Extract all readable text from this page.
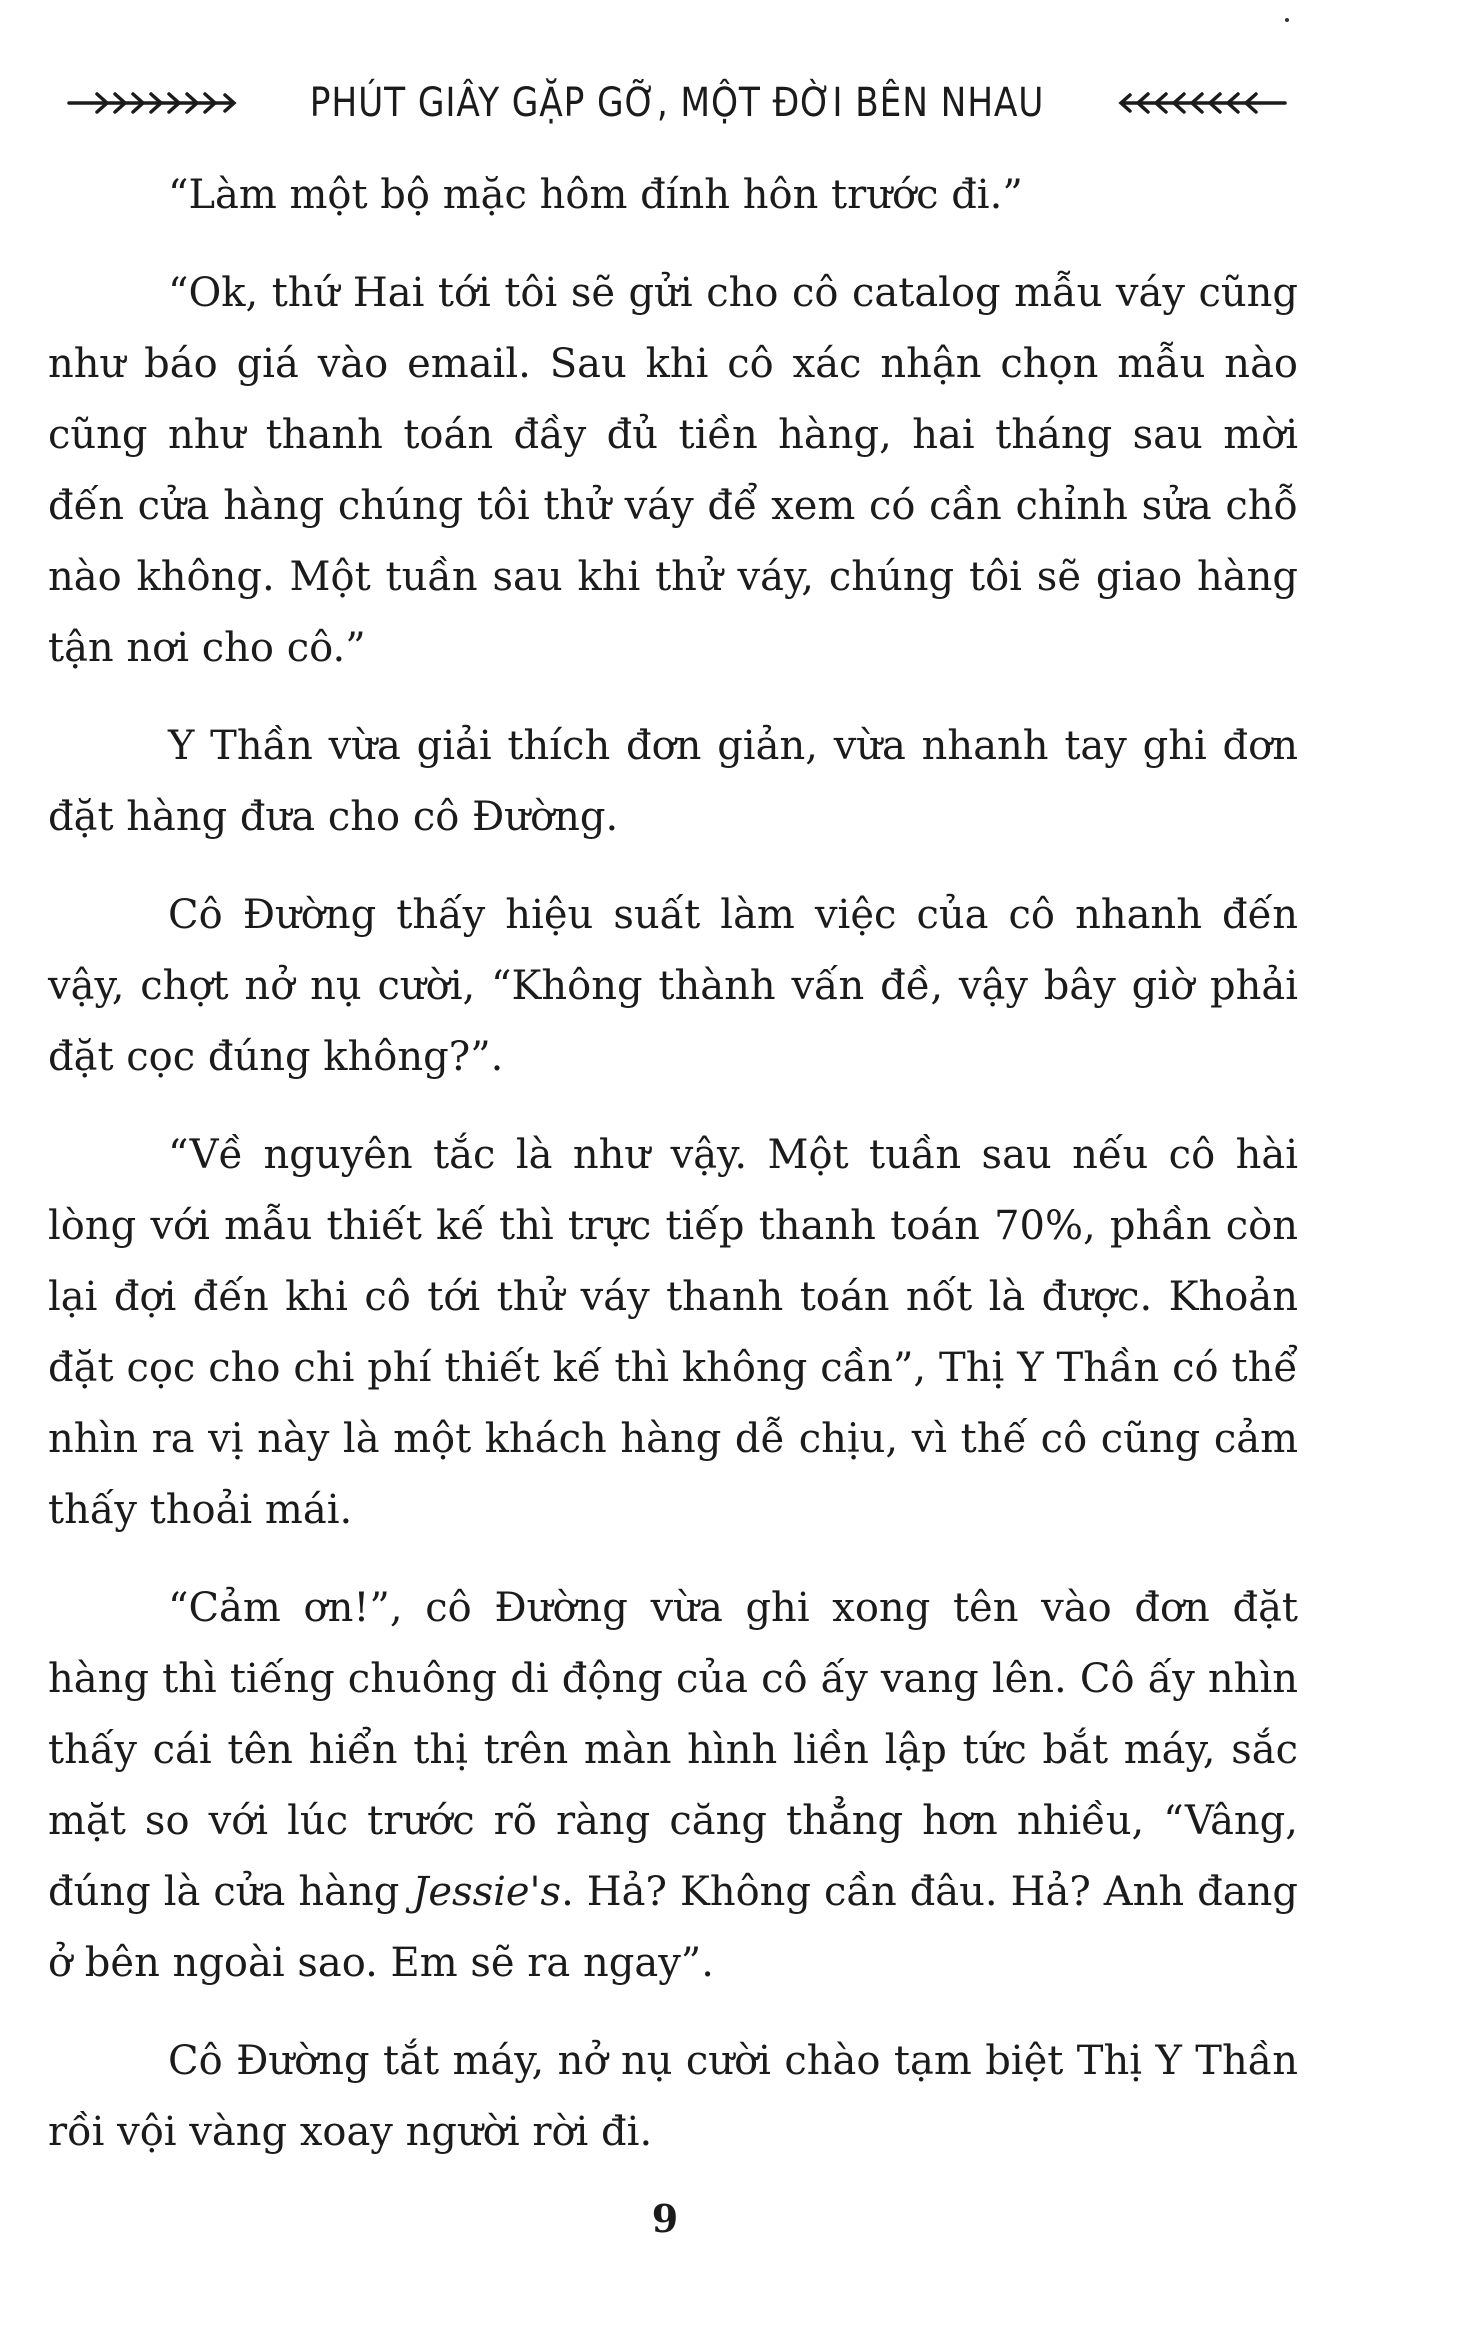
PHÚT GIÂY GẶP GỠ, MỘT ĐỜI BÊN NHAU

“Làm một bộ mặc hôm đính hôn trước đi.”

“Ok, thứ Hai tới tôi sẽ gửi cho cô catalog mẫu váy cũng như báo giá vào email. Sau khi cô xác nhận chọn mẫu nào cũng như thanh toán đầy đủ tiền hàng, hai tháng sau mời đến cửa hàng chúng tôi thử váy để xem có cần chỉnh sửa chỗ nào không. Một tuần sau khi thử váy, chúng tôi sẽ giao hàng tận nơi cho cô.”

Y Thần vừa giải thích đơn giản, vừa nhanh tay ghi đơn đặt hàng đưa cho cô Đường.

Cô Đường thấy hiệu suất làm việc của cô nhanh đến vậy, chợt nở nụ cười, “Không thành vấn đề, vậy bây giờ phải đặt cọc đúng không?”.

“Về nguyên tắc là như vậy. Một tuần sau nếu cô hài lòng với mẫu thiết kế thì trực tiếp thanh toán 70%, phần còn lại đợi đến khi cô tới thử váy thanh toán nốt là được. Khoản đặt cọc cho chi phí thiết kế thì không cần”, Thị Y Thần có thể nhìn ra vị này là một khách hàng dễ chịu, vì thế cô cũng cảm thấy thoải mái.

“Cảm ơn!”, cô Đường vừa ghi xong tên vào đơn đặt hàng thì tiếng chuông di động của cô ấy vang lên. Cô ấy nhìn thấy cái tên hiển thị trên màn hình liền lập tức bắt máy, sắc mặt so với lúc trước rõ ràng căng thẳng hơn nhiều, “Vâng, đúng là cửa hàng Jessie's. Hả? Không cần đâu. Hả? Anh đang ở bên ngoài sao. Em sẽ ra ngay”.

Cô Đường tắt máy, nở nụ cười chào tạm biệt Thị Y Thần rồi vội vàng xoay người rời đi.

9
